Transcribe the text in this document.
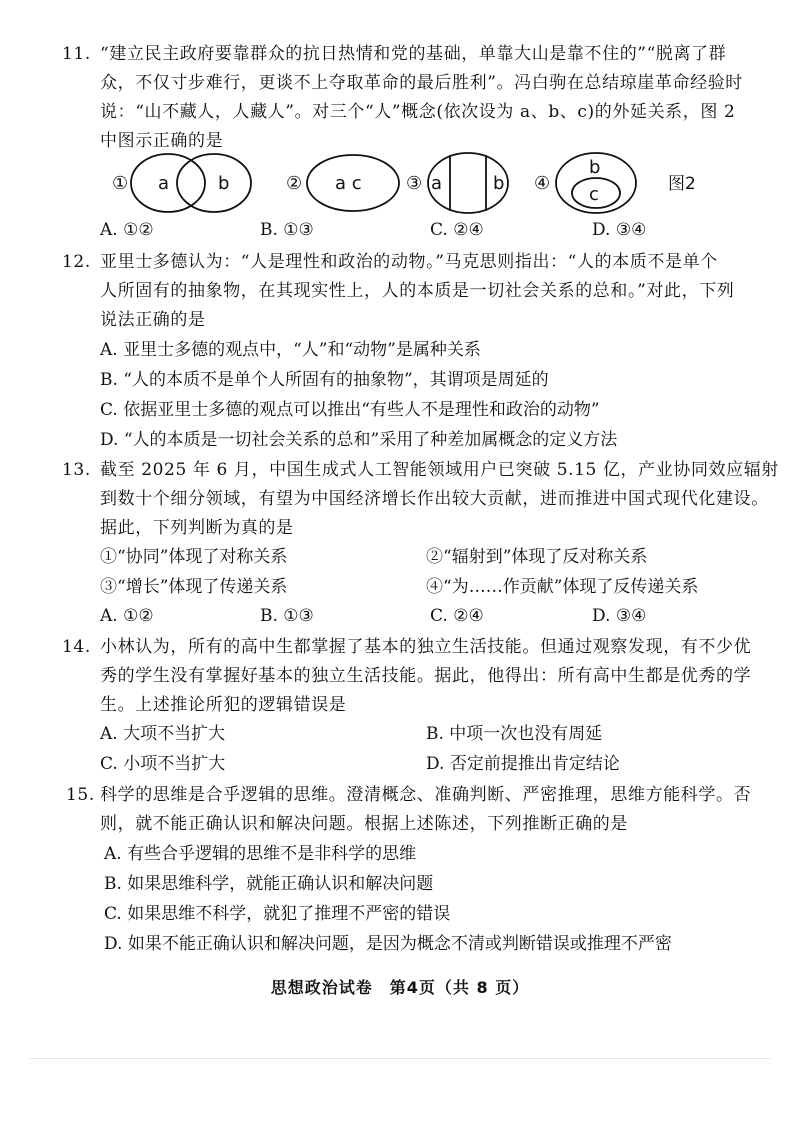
11. “建立民主政府要靠群众的抗日热情和党的基础，单靠大山是靠不住的”“脱离了群
众，不仅寸步难行，更谈不上夺取革命的最后胜利”。冯白驹在总结琼崖革命经验时
说：“山不藏人，人藏人”。对三个“人”概念(依次设为 a、b、c)的外延关系，图 2
中图示正确的是
① a	b	② a c ③ a	b ④
b
c	图2
A. ①②	B. ①③	C. ②④	D. ③④
12. 亚里士多德认为：“人是理性和政治的动物。”马克思则指出：“人的本质不是单个
人所固有的抽象物，在其现实性上，人的本质是一切社会关系的总和。”对此，下列
说法正确的是
A. 亚里士多德的观点中，“人”和“动物”是属种关系
B. “人的本质不是单个人所固有的抽象物”，其谓项是周延的
C. 依据亚里士多德的观点可以推出“有些人不是理性和政治的动物”
D. “人的本质是一切社会关系的总和”采用了种差加属概念的定义方法
13. 截至 2025 年 6 月，中国生成式人工智能领域用户已突破 5.15 亿，产业协同效应辐射
到数十个细分领域，有望为中国经济增长作出较大贡献，进而推进中国式现代化建设。
据此，下列判断为真的是
①“协同”体现了对称关系	②“辐射到”体现了反对称关系
③“增长”体现了传递关系	④“为……作贡献”体现了反传递关系
A. ①②	B. ①③	C. ②④	D. ③④
14. 小林认为，所有的高中生都掌握了基本的独立生活技能。但通过观察发现，有不少优
秀的学生没有掌握好基本的独立生活技能。据此，他得出：所有高中生都是优秀的学
生。上述推论所犯的逻辑错误是
A. 大项不当扩大	B. 中项一次也没有周延
C. 小项不当扩大	D. 否定前提推出肯定结论
15. 科学的思维是合乎逻辑的思维。澄清概念、准确判断、严密推理，思维方能科学。否
则，就不能正确认识和解决问题。根据上述陈述，下列推断正确的是
A. 有些合乎逻辑的思维不是非科学的思维
B. 如果思维科学，就能正确认识和解决问题
C. 如果思维不科学，就犯了推理不严密的错误
D. 如果不能正确认识和解决问题，是因为概念不清或判断错误或推理不严密
思想政治试卷　第4页（共 8 页）
